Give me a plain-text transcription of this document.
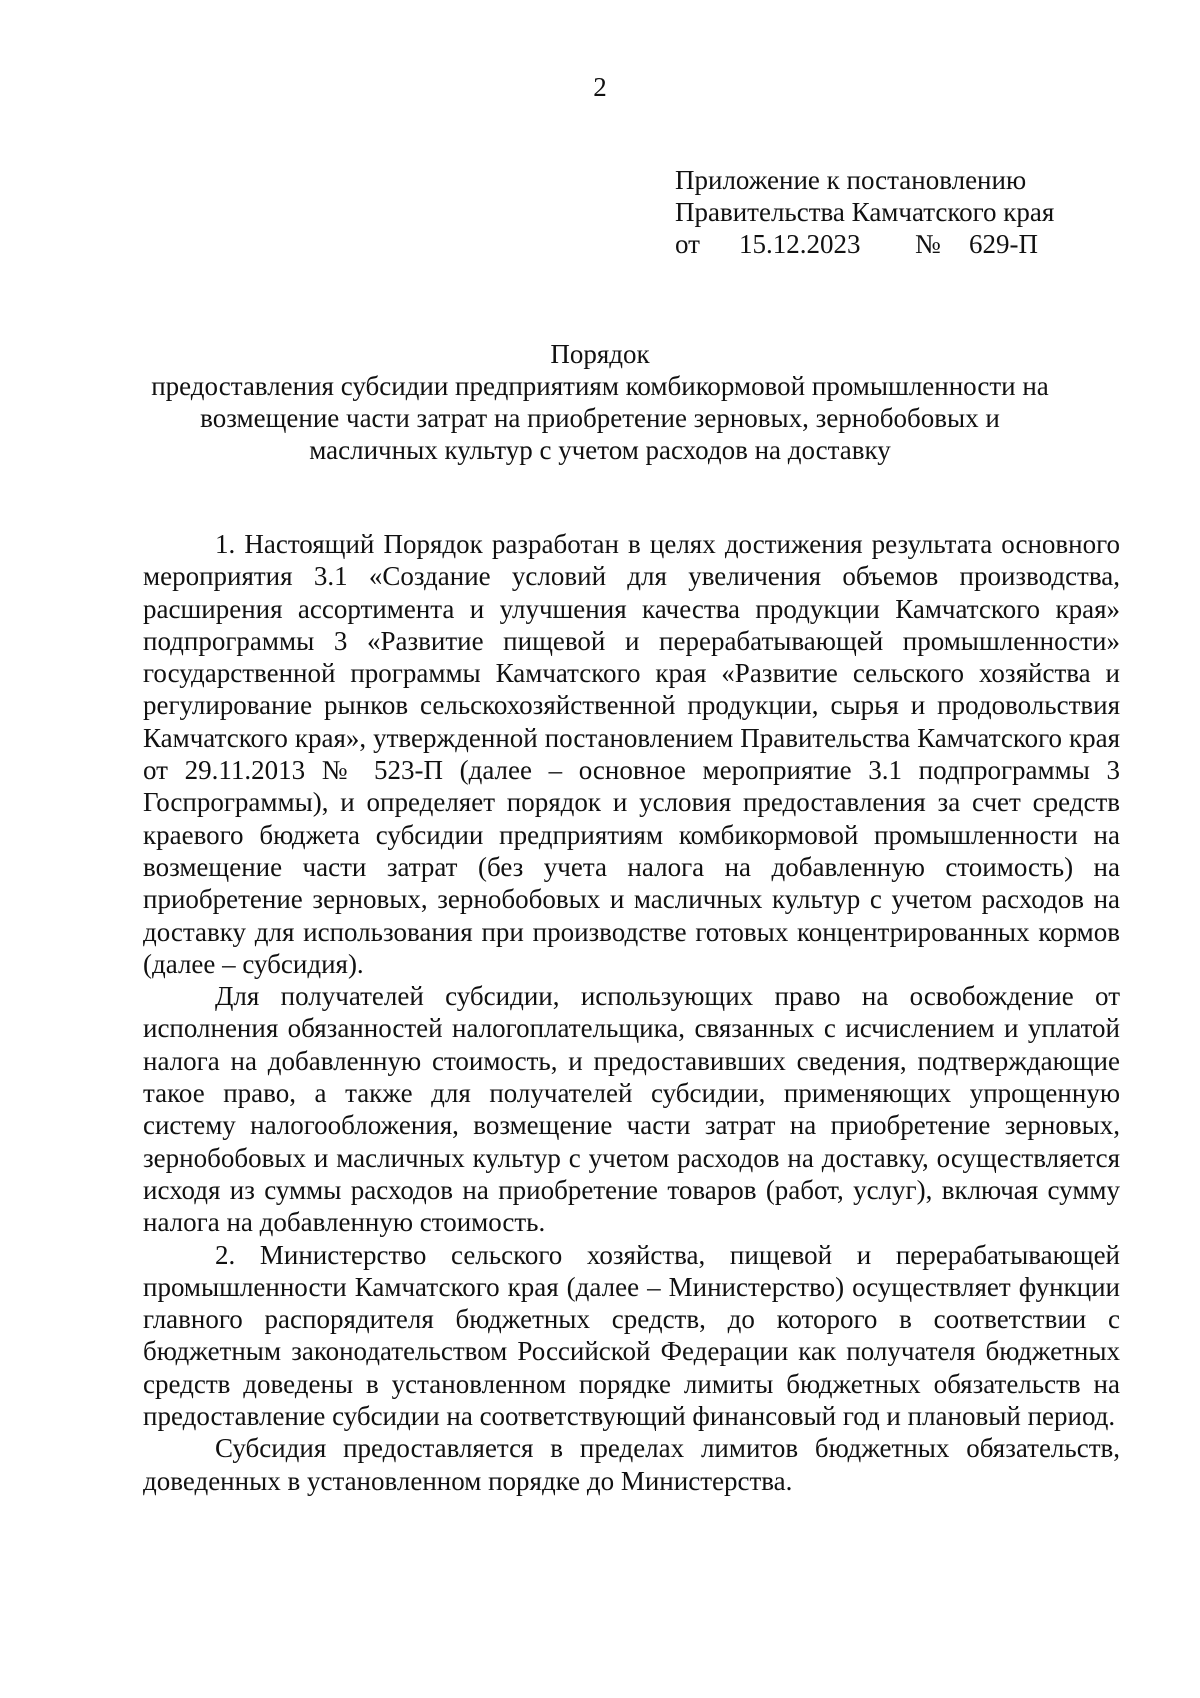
2
Приложение к постановлению
Правительства Камчатского края
от 15.12.2023 № 629-П
Порядок
предоставления субсидии предприятиям комбикормовой промышленности на
возмещение части затрат на приобретение зерновых, зернобобовых и
масличных культур с учетом расходов на доставку

1. Настоящий Порядок разработан в целях достижения результата основного мероприятия 3.1 «Создание условий для увеличения объемов производства, расширения ассортимента и улучшения качества продукции Камчатского края» подпрограммы 3 «Развитие пищевой и перерабатывающей промышленности» государственной программы Камчатского края «Развитие сельского хозяйства и регулирование рынков сельскохозяйственной продукции, сырья и продовольствия Камчатского края», утвержденной постановлением Правительства Камчатского края от 29.11.2013 № 523-П (далее – основное мероприятие 3.1 подпрограммы 3 Госпрограммы), и определяет порядок и условия предоставления за счет средств краевого бюджета субсидии предприятиям комбикормовой промышленности на возмещение части затрат (без учета налога на добавленную стоимость) на приобретение зерновых, зернобобовых и масличных культур с учетом расходов на доставку для использования при производстве готовых концентрированных кормов (далее – субсидия).

Для получателей субсидии, использующих право на освобождение от исполнения обязанностей налогоплательщика, связанных с исчислением и уплатой налога на добавленную стоимость, и предоставивших сведения, подтверждающие такое право, а также для получателей субсидии, применяющих упрощенную систему налогообложения, возмещение части затрат на приобретение зерновых, зернобобовых и масличных культур с учетом расходов на доставку, осуществляется исходя из суммы расходов на приобретение товаров (работ, услуг), включая сумму налога на добавленную стоимость.

2. Министерство сельского хозяйства, пищевой и перерабатывающей промышленности Камчатского края (далее – Министерство) осуществляет функции главного распорядителя бюджетных средств, до которого в соответствии с бюджетным законодательством Российской Федерации как получателя бюджетных средств доведены в установленном порядке лимиты бюджетных обязательств на предоставление субсидии на соответствующий финансовый год и плановый период.

Субсидия предоставляется в пределах лимитов бюджетных обязательств, доведенных в установленном порядке до Министерства.
